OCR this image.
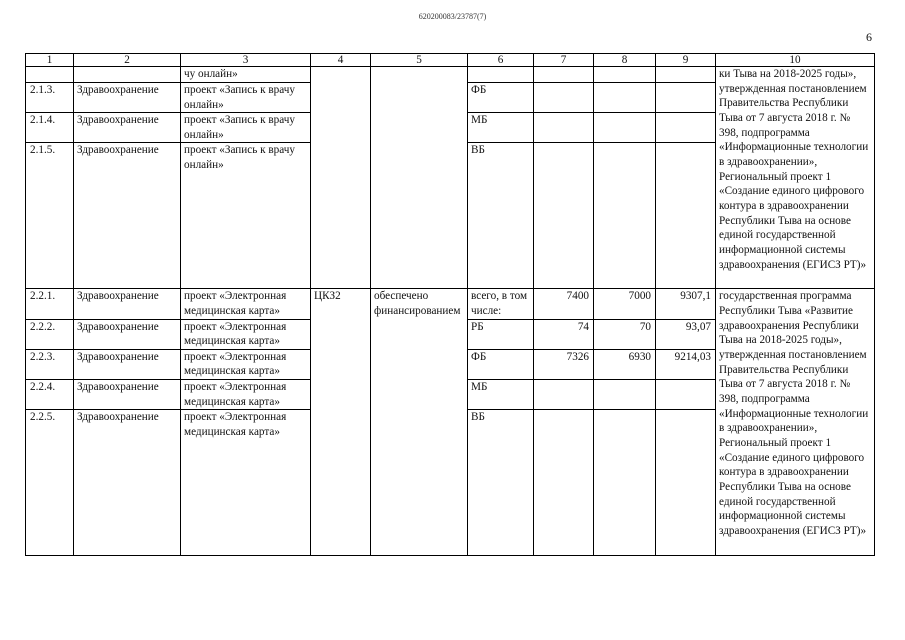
620200083/23787(7)
6
1	2	3	4	5	6	7	8	9	10
		чу онлайн»							ки Тыва на 2018-2025 годы», утвержденная постановлением Правительства Республики Тыва от 7 августа 2018 г. № 398, подпрограмма «Информационные технологии в здравоохранении», Региональный проект 1 «Создание единого цифрового контура в здравоохранении Республики Тыва на основе единой государственной информационной системы здравоохранения (ЕГИСЗ РТ)»
2.1.3.	Здравоохранение	проект «Запись к врачу онлайн»			ФБ				
2.1.4.	Здравоохранение	проект «Запись к врачу онлайн»			МБ				
2.1.5.	Здравоохранение	проект «Запись к врачу онлайн»			ВБ				
2.2.1.	Здравоохранение	проект «Электронная медицинская карта»	ЦКЗ2	обеспечено финансированием	всего, в том числе:	7400	7000	9307,1	государственная программа Республики Тыва «Развитие здравоохранения Республики Тыва на 2018-2025 годы», утвержденная постановлением Правительства Республики Тыва от 7 августа 2018 г. № 398, подпрограмма «Информационные технологии в здравоохранении», Региональный проект 1 «Создание единого цифрового контура в здравоохранении Республики Тыва на основе единой государственной информационной системы здравоохранения (ЕГИСЗ РТ)»
2.2.2.	Здравоохранение	проект «Электронная медицинская карта»			РБ	74	70	93,07	
2.2.3.	Здравоохранение	проект «Электронная медицинская карта»			ФБ	7326	6930	9214,03	
2.2.4.	Здравоохранение	проект «Электронная медицинская карта»			МБ				
2.2.5.	Здравоохранение	проект «Электронная медицинская карта»			ВБ				
